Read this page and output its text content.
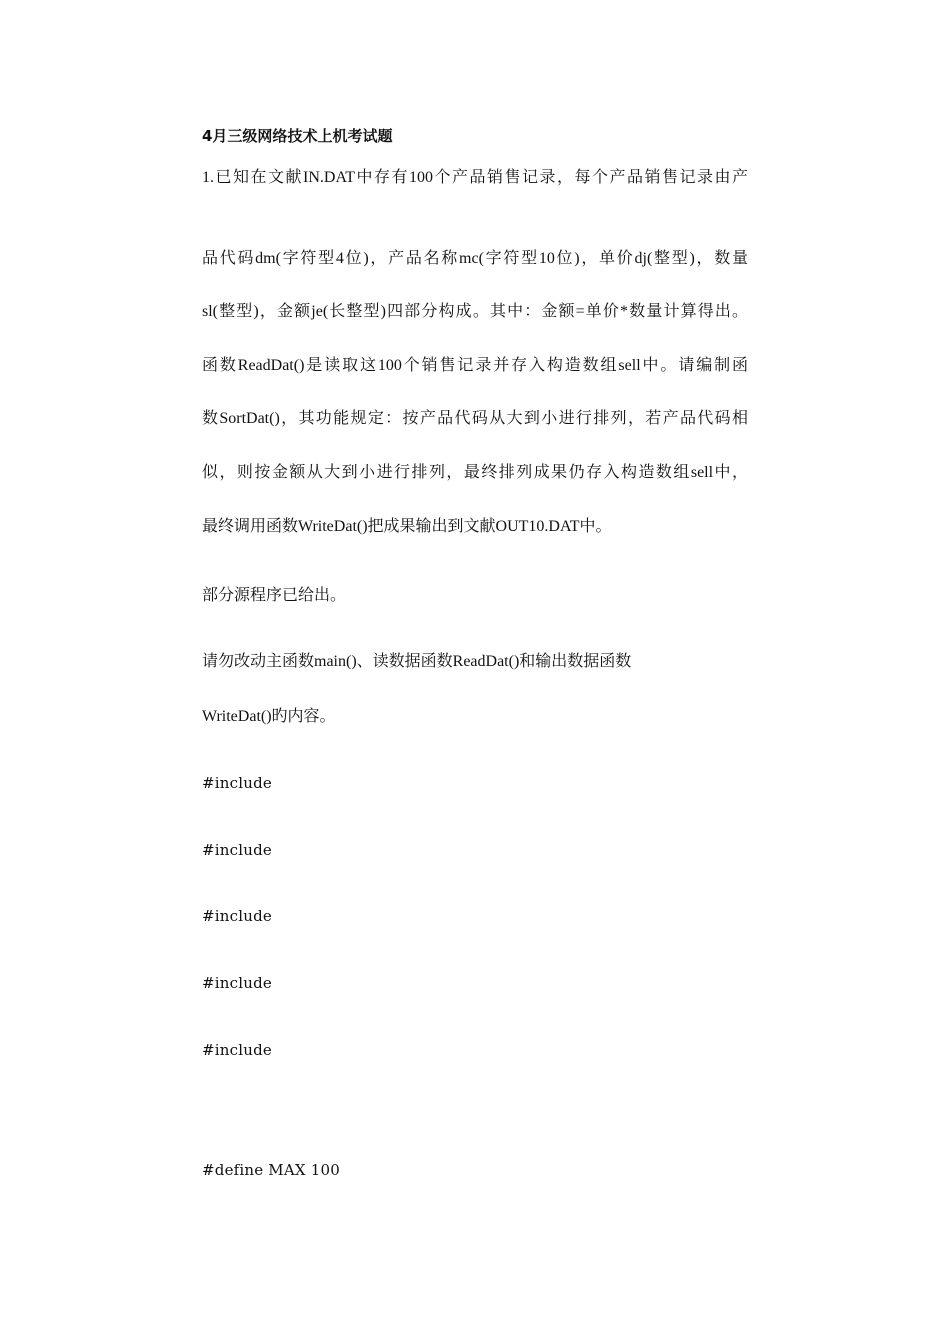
4月三级网络技术上机考试题
1.已知在文献IN.DAT中存有100个产品销售记录，每个产品销售记录由产
品代码dm(字符型4位)，产品名称mc(字符型10位)，单价dj(整型)，数量
sl(整型)，金额je(长整型)四部分构成。其中：金额=单价*数量计算得出。
函数ReadDat()是读取这100个销售记录并存入构造数组sell中。请编制函
数SortDat()，其功能规定：按产品代码从大到小进行排列，若产品代码相
似，则按金额从大到小进行排列，最终排列成果仍存入构造数组sell中，
最终调用函数WriteDat()把成果输出到文献OUT10.DAT中。
部分源程序已给出。
请勿改动主函数main()、读数据函数ReadDat()和输出数据函数
WriteDat()旳内容。
#include
#include
#include
#include
#include
#define MAX 100
